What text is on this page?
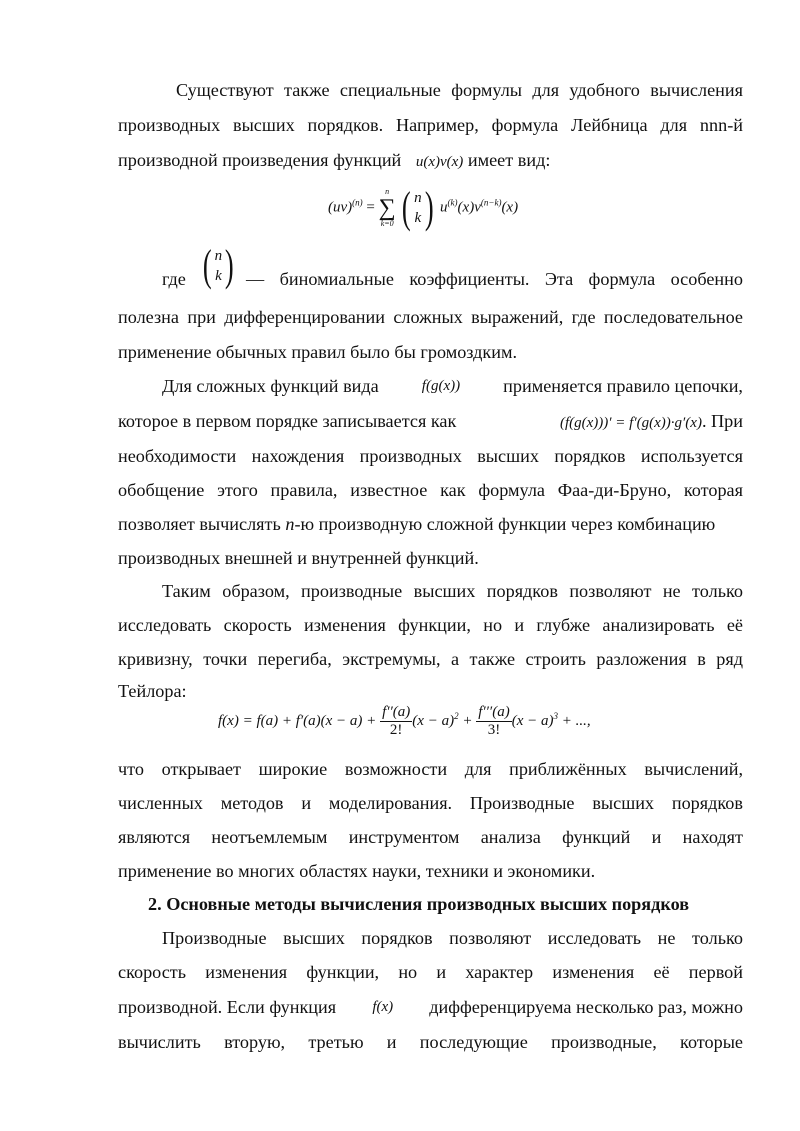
Существуют также специальные формулы для удобного вычисления
производных высших порядков. Например, формула Лейбница для nnn-й
производной произведения функций u(x)v(x) имеет вид:
(uv)$^{(n)}$ =
n
∑
k=0 ( n
k ) $u^{(k)}(x)v^{(n-k)}(x)$
где ( n
k ) — биномиальные коэффициенты. Эта формула особенно
полезна при дифференцировании сложных выражений, где последовательное
применение обычных правил было бы громоздким.
Для сложных функций вида	f(g(x)) применяется правило цепочки,
которое в первом порядке записывается как	(f(g(x)))′ = f′(g(x))·g′(x). При
необходимости нахождения производных высших порядков используется
обобщение этого правила, известное как формула Фаа-ди-Бруно, которая
позволяет вычислять n-ю производную сложной функции через комбинацию
производных внешней и внутренней функций.
Таким образом, производные высших порядков позволяют не только
исследовать скорость изменения функции, но и глубже анализировать её
кривизну, точки перегиба, экстремумы, а также строить разложения в ряд
Тейлора:
$f(x) = f(a) + f'(a)(x - a) + \frac{f''(a)}{2!} (x - a)^2 + \frac{f'''(a)}{3!} (x - a)^3$ + ...,
что открывает широкие возможности для приближённых вычислений,
численных методов и моделирования. Производные высших порядков
являются неотъемлемым инструментом анализа функций и находят
применение во многих областях науки, техники и экономики.
2. Основные методы вычисления производных высших порядков
Производные высших порядков позволяют исследовать не только
скорость изменения функции, но и характер изменения её первой
производной. Если функция f(x) дифференцируема несколько раз, можно
вычислить вторую, третью и последующие производные, которые
